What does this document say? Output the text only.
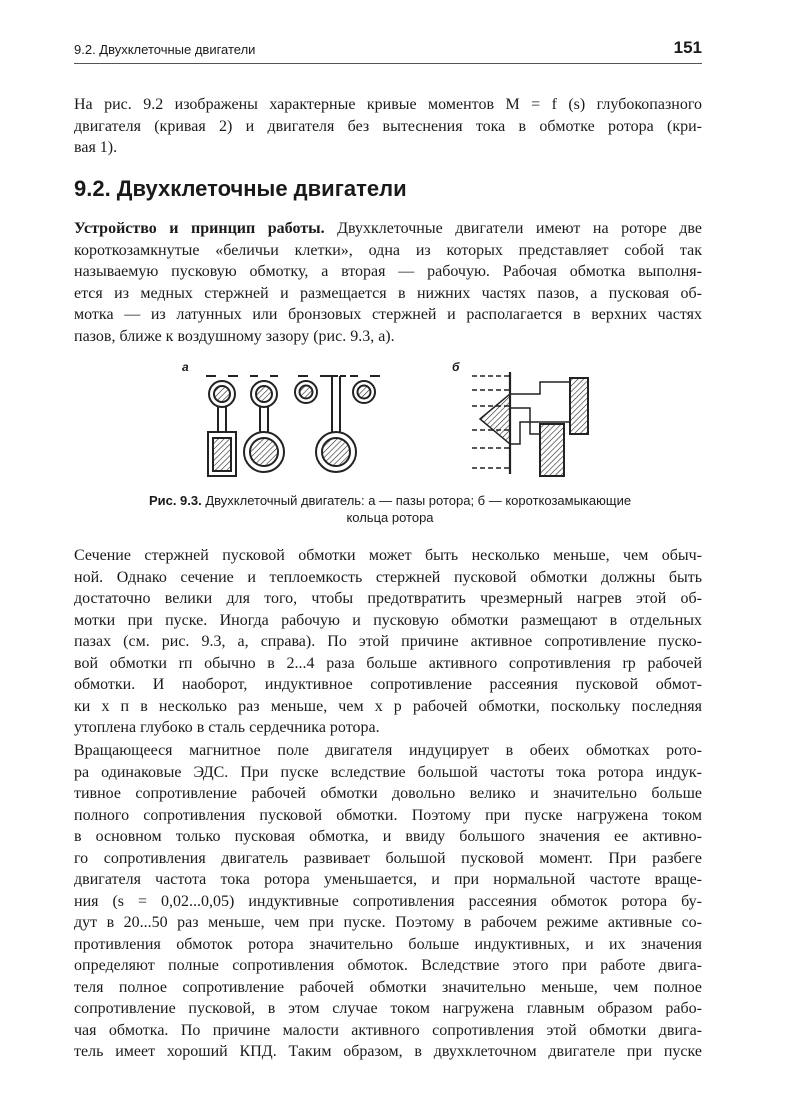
9.2. Двухклеточные двигатели	151
На рис. 9.2 изображены характерные кривые моментов M = f (s) глубокопазного
двигателя (кривая 2) и двигателя без вытеснения тока в обмотке ротора (кри-
вая 1).
9.2. Двухклеточные двигатели
Устройство и принцип работы. Двухклеточные двигатели имеют на роторе две
короткозамкнутые «беличьи клетки», одна из которых представляет собой так
называемую пусковую обмотку, а вторая — рабочую. Рабочая обмотка выполня-
ется из медных стержней и размещается в нижних частях пазов, а пусковая об-
мотка — из латунных или бронзовых стержней и располагается в верхних частях
пазов, ближе к воздушному зазору (рис. 9.3, а).
а	б
Рис. 9.3. Двухклеточный двигатель: а — пазы ротора; б — короткозамыкающие
кольца ротора
Сечение стержней пусковой обмотки может быть несколько меньше, чем обыч-
ной. Однако сечение и теплоемкость стержней пусковой обмотки должны быть
достаточно велики для того, чтобы предотвратить чрезмерный нагрев этой об-
мотки при пуске. Иногда рабочую и пусковую обмотки размещают в отдельных
пазах (см. рис. 9.3, а, справа). По этой причине активное сопротивление пуско-
вой обмотки rп обычно в 2...4 раза больше активного сопротивления rр рабочей
обмотки. И наоборот, индуктивное сопротивление рассеяния пусковой обмот-
ки x п в несколько раз меньше, чем x р рабочей обмотки, поскольку последняя
утоплена глубоко в сталь сердечника ротора.
Вращающееся магнитное поле двигателя индуцирует в обеих обмотках рото-
ра одинаковые ЭДС. При пуске вследствие большой частоты тока ротора индук-
тивное сопротивление рабочей обмотки довольно велико и значительно больше
полного сопротивления пусковой обмотки. Поэтому при пуске нагружена током
в основном только пусковая обмотка, и ввиду большого значения ее активно-
го сопротивления двигатель развивает большой пусковой момент. При разбеге
двигателя частота тока ротора уменьшается, и при нормальной частоте враще-
ния (s = 0,02...0,05) индуктивные сопротивления рассеяния обмоток ротора бу-
дут в 20...50 раз меньше, чем при пуске. Поэтому в рабочем режиме активные со-
противления обмоток ротора значительно больше индуктивных, и их значения
определяют полные сопротивления обмоток. Вследствие этого при работе двига-
теля полное сопротивление рабочей обмотки значительно меньше, чем полное
сопротивление пусковой, в этом случае током нагружена главным образом рабо-
чая обмотка. По причине малости активного сопротивления этой обмотки двига-
тель имеет хороший КПД. Таким образом, в двухклеточном двигателе при пуске
